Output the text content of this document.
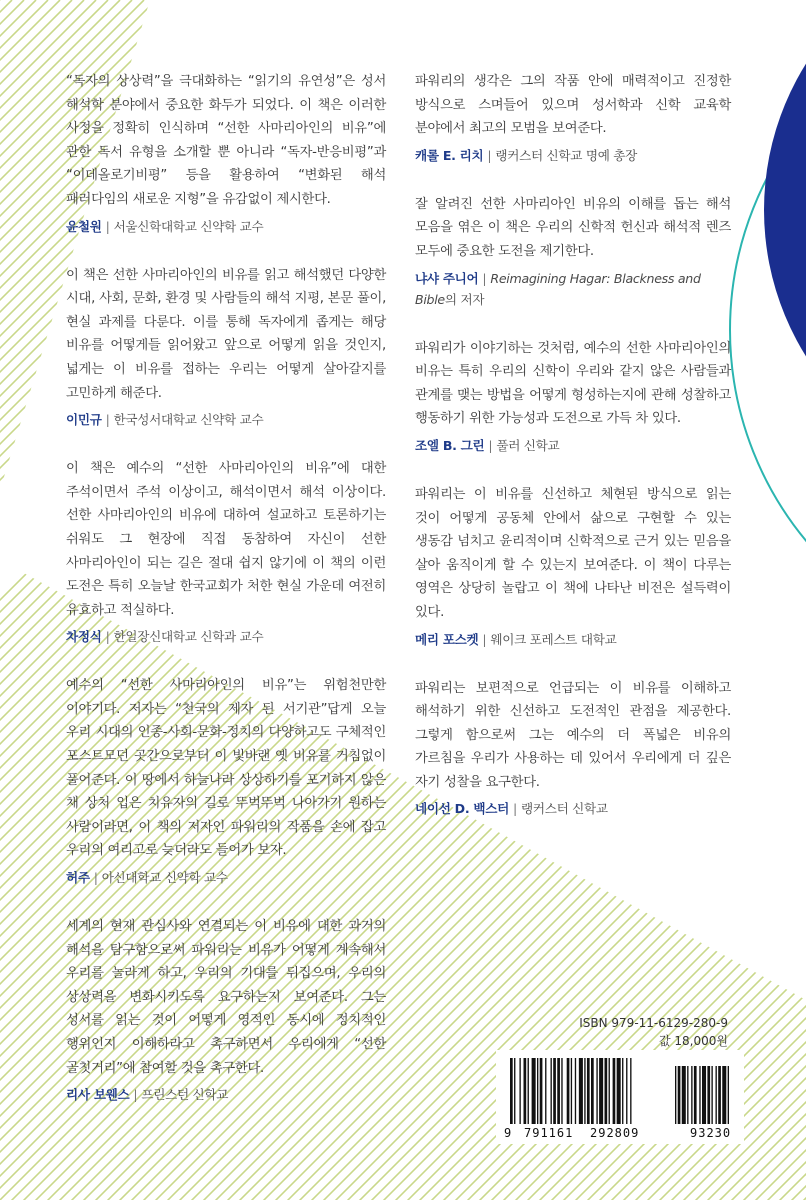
“독자의 상상력”을 극대화하는 “읽기의 유연성”은 성서 해석학 분야에서 중요한 화두가 되었다. 이 책은 이러한 사정을 정확히 인식하며 “선한 사마리아인의 비유”에 관한 독서 유형을 소개할 뿐 아니라 “독자-반응비평”과 “이데올로기비평” 등을 활용하여 “변화된 해석 패러다임의 새로운 지형”을 유감없이 제시한다.

윤철원 | 서울신학대학교 신약학 교수

이 책은 선한 사마리아인의 비유를 읽고 해석했던 다양한 시대, 사회, 문화, 환경 및 사람들의 해석 지평, 본문 풀이, 현실 과제를 다룬다. 이를 통해 독자에게 좁게는 해당 비유를 어떻게들 읽어왔고 앞으로 어떻게 읽을 것인지, 넓게는 이 비유를 접하는 우리는 어떻게 살아갈지를 고민하게 해준다.

이민규 | 한국성서대학교 신약학 교수

이 책은 예수의 “선한 사마리아인의 비유”에 대한 주석이면서 주석 이상이고, 해석이면서 해석 이상이다. 선한 사마리아인의 비유에 대하여 설교하고 토론하기는 쉬워도 그 현장에 직접 동참하여 자신이 선한 사마리아인이 되는 길은 절대 쉽지 않기에 이 책의 이런 도전은 특히 오늘날 한국교회가 처한 현실 가운데 여전히 유효하고 적실하다.

차정식 | 한일장신대학교 신학과 교수

예수의 “선한 사마리아인의 비유”는 위험천만한 이야기다. 저자는 “천국의 제자 된 서기관”답게 오늘 우리 시대의 인종-사회-문화-정치의 다양하고도 구체적인 포스트모던 곳간으로부터 이 빛바랜 옛 비유를 거침없이 풀어준다. 이 땅에서 하늘나라 상상하기를 포기하지 않은 채 상처 입은 치유자의 길로 뚜벅뚜벅 나아가기 원하는 사람이라면, 이 책의 저자인 파워리의 작품을 손에 잡고 우리의 여리고로 늦더라도 들어가 보자.

허주 | 아신대학교 신약학 교수

세계의 현재 관심사와 연결되는 이 비유에 대한 과거의 해석을 탐구함으로써 파워리는 비유가 어떻게 계속해서 우리를 놀라게 하고, 우리의 기대를 뒤집으며, 우리의 상상력을 변화시키도록 요구하는지 보여준다. 그는 성서를 읽는 것이 어떻게 영적인 동시에 정치적인 행위인지 이해하라고 촉구하면서 우리에게 “선한 골칫거리”에 참여할 것을 촉구한다.

리사 보웬스 | 프린스턴 신학교

파워리의 생각은 그의 작품 안에 매력적이고 진정한 방식으로 스며들어 있으며 성서학과 신학 교육학 분야에서 최고의 모범을 보여준다.

캐롤 E. 리치 | 랭커스터 신학교 명예 총장

잘 알려진 선한 사마리아인 비유의 이해를 돕는 해석 모음을 엮은 이 책은 우리의 신학적 헌신과 해석적 렌즈 모두에 중요한 도전을 제기한다.

냐샤 주니어 | Reimagining Hagar: Blackness and Bible의 저자

파워리가 이야기하는 것처럼, 예수의 선한 사마리아인의 비유는 특히 우리의 신학이 우리와 같지 않은 사람들과 관계를 맺는 방법을 어떻게 형성하는지에 관해 성찰하고 행동하기 위한 가능성과 도전으로 가득 차 있다.

조엘 B. 그린 | 풀러 신학교

파워리는 이 비유를 신선하고 체현된 방식으로 읽는 것이 어떻게 공동체 안에서 삶으로 구현할 수 있는 생동감 넘치고 윤리적이며 신학적으로 근거 있는 믿음을 살아 움직이게 할 수 있는지 보여준다. 이 책이 다루는 영역은 상당히 놀랍고 이 책에 나타난 비전은 설득력이 있다.

메리 포스켓 | 웨이크 포레스트 대학교

파워리는 보편적으로 언급되는 이 비유를 이해하고 해석하기 위한 신선하고 도전적인 관점을 제공한다. 그렇게 함으로써 그는 예수의 더 폭넓은 비유의 가르침을 우리가 사용하는 데 있어서 우리에게 더 깊은 자기 성찰을 요구한다.

네이선 D. 백스터 | 랭커스터 신학교
ISBN 979-11-6129-280-9
값 18,000원
9 791161 292809	93230
